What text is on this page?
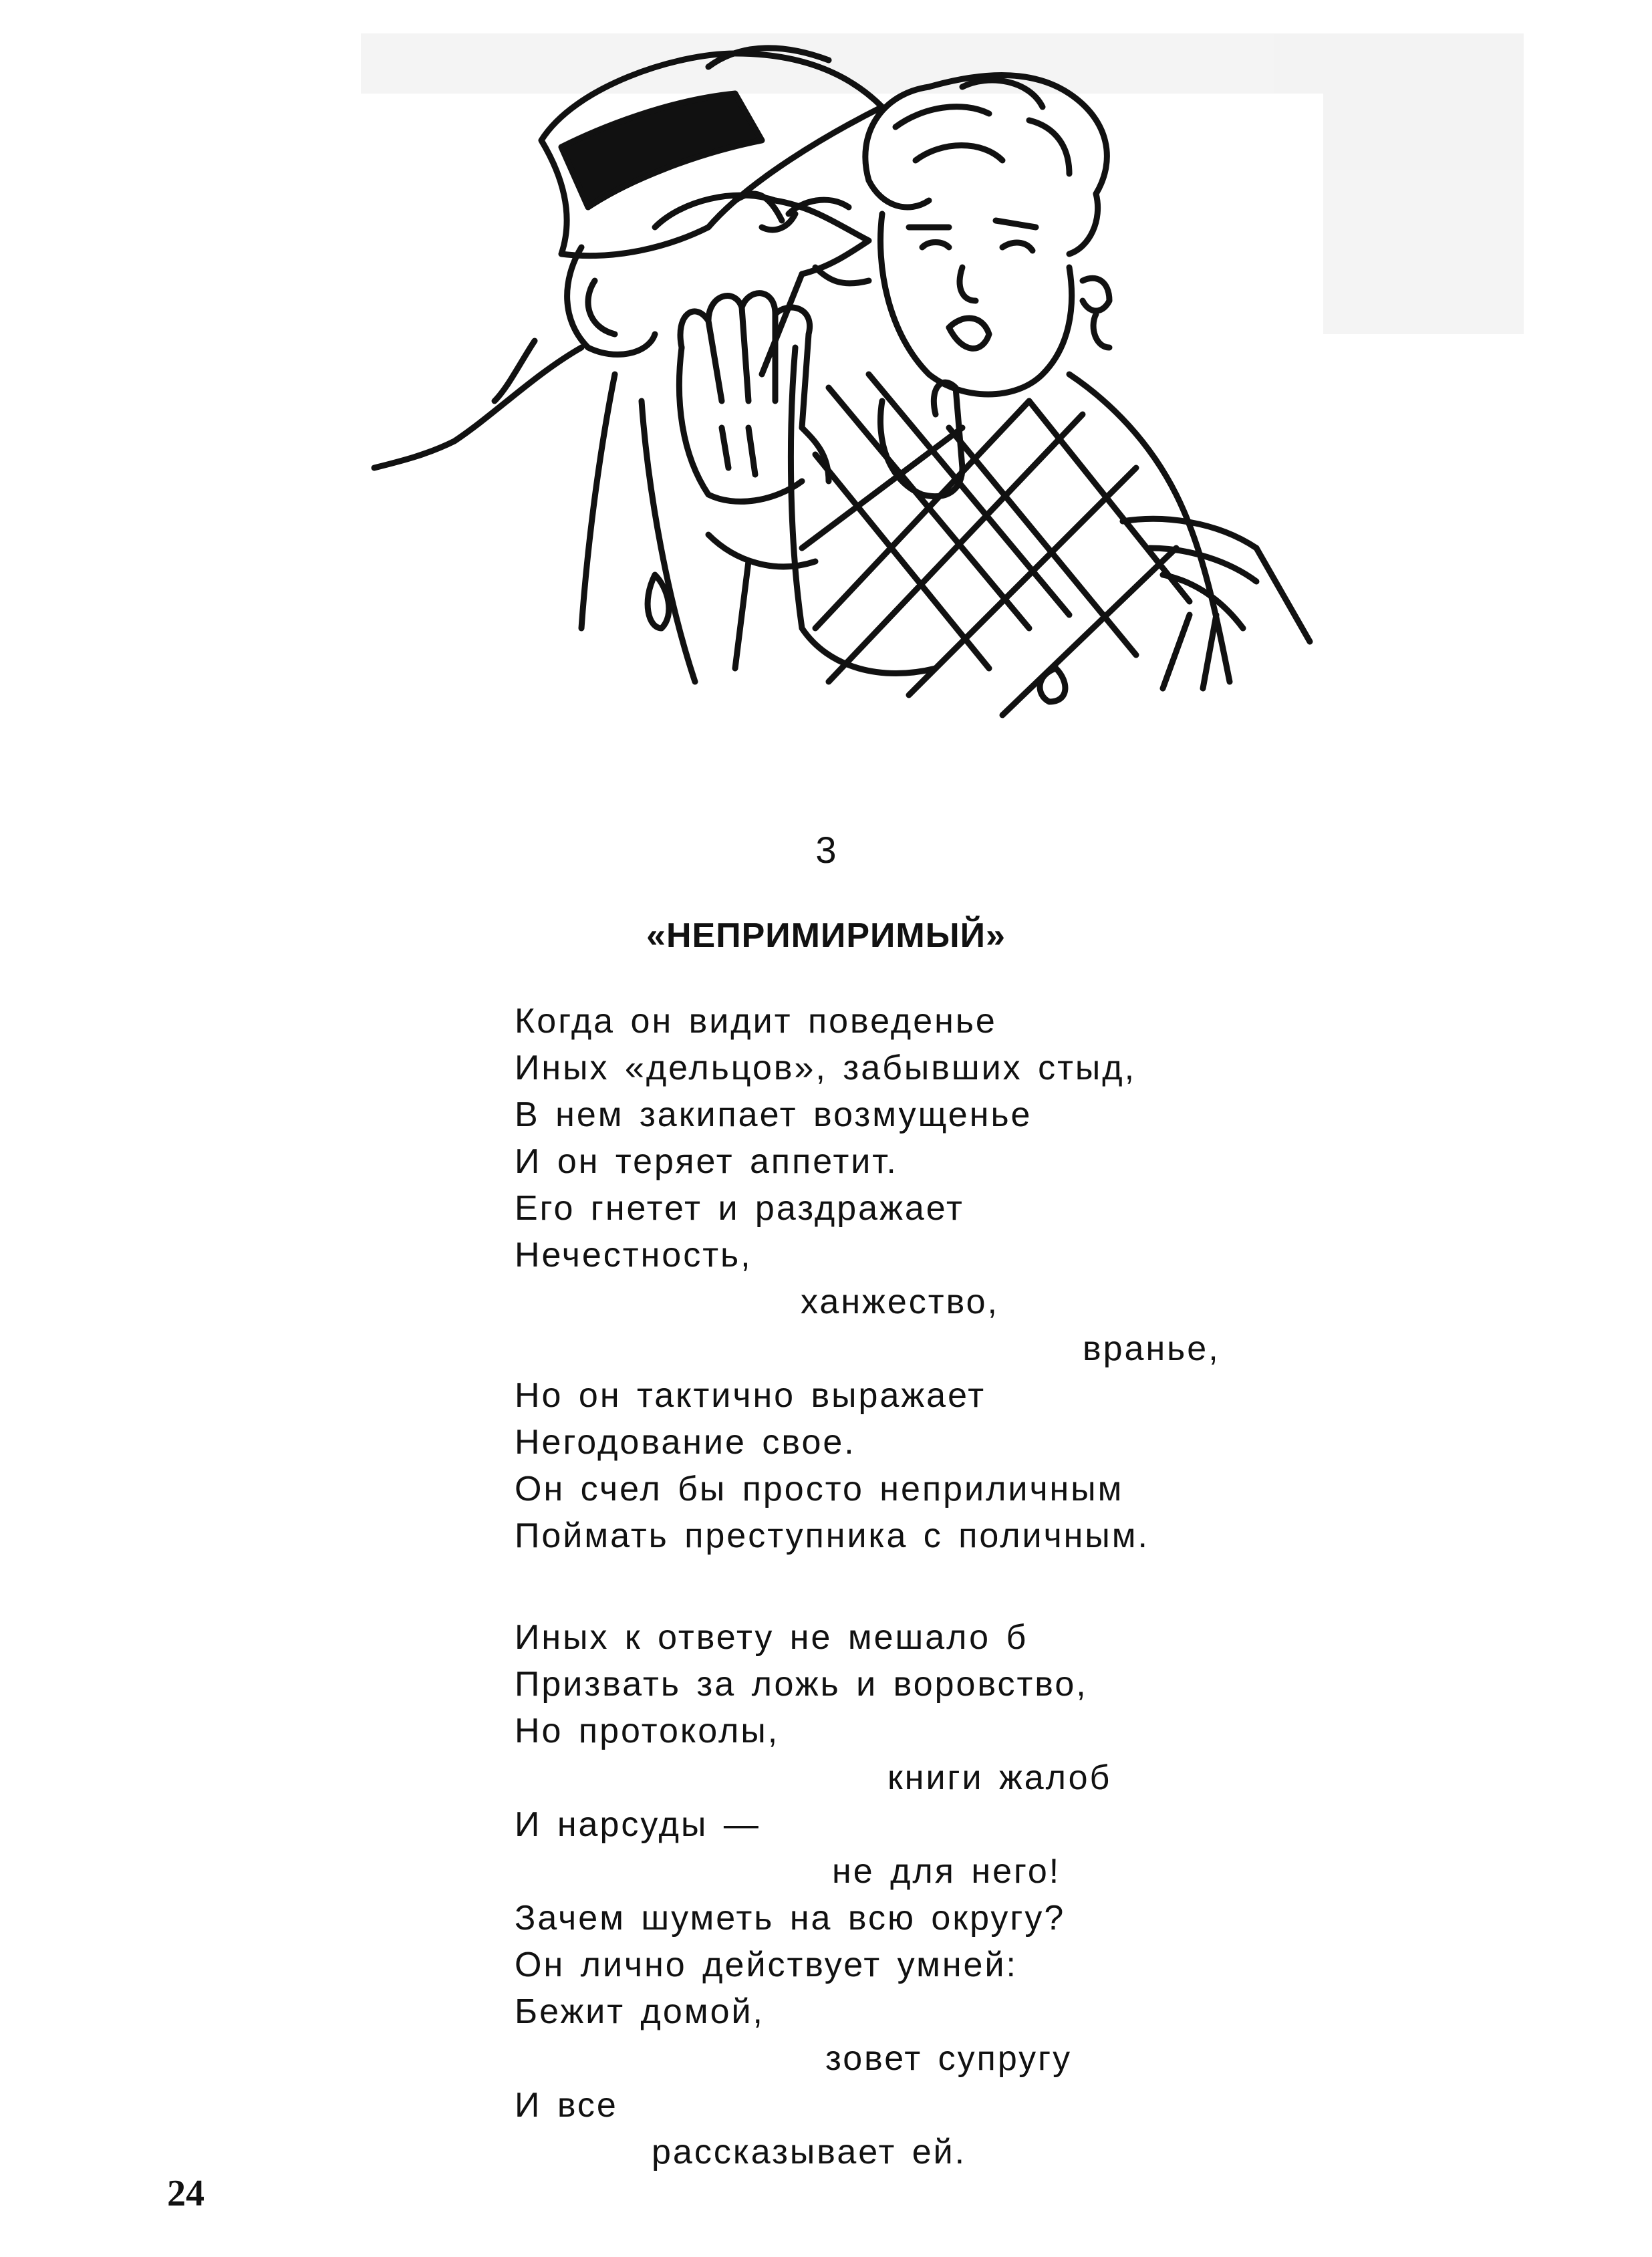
3
«НЕПРИМИРИМЫЙ»
Когда он видит поведенье
Иных «дельцов», забывших стыд,
В нем закипает возмущенье
И он теряет аппетит.
Его гнетет и раздражает
Нечестность,
ханжество,
вранье,
Но он тактично выражает
Негодование свое.
Он счел бы просто неприличным
Поймать преступника с поличным.
Иных к ответу не мешало б
Призвать за ложь и воровство,
Но протоколы,
книги жалоб
И нарсуды —
не для него!
Зачем шуметь на всю округу?
Он лично действует умней:
Бежит домой,
зовет супругу
И все
рассказывает ей.
24
